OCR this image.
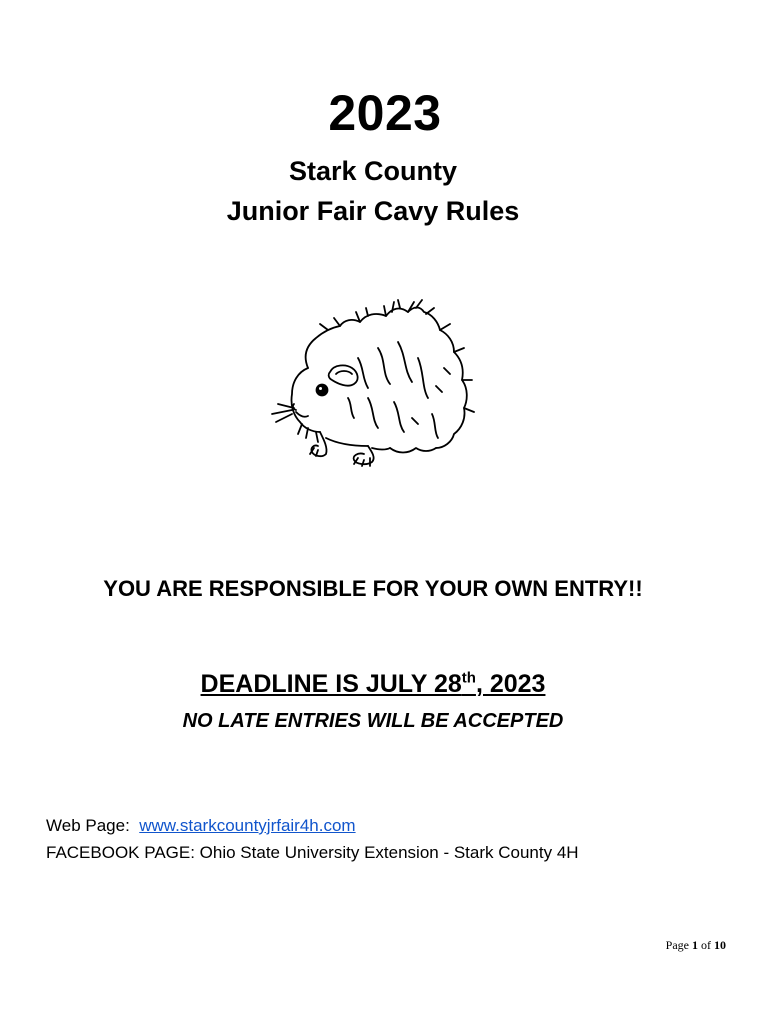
2023
Stark County
Junior Fair Cavy Rules
YOU ARE RESPONSIBLE FOR YOUR OWN ENTRY!!
DEADLINE IS JULY 28th, 2023
NO LATE ENTRIES WILL BE ACCEPTED
Web Page: www.starkcountyjrfair4h.com
FACEBOOK PAGE: Ohio State University Extension - Stark County 4H
Page 1 of 10
